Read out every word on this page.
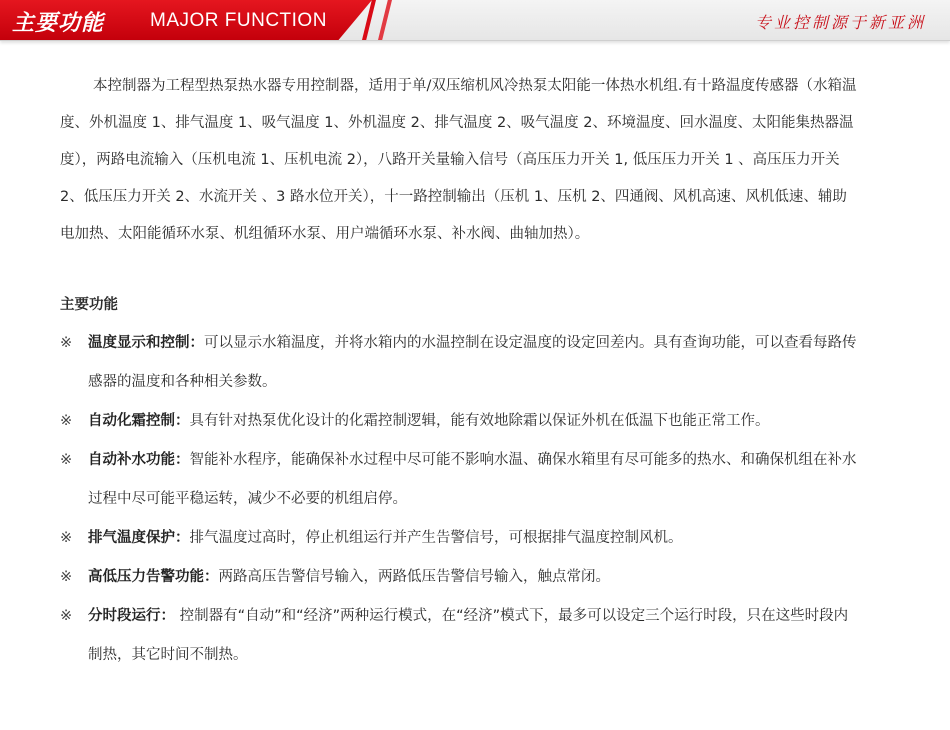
主要功能 MAJOR FUNCTION	专业控制源于新亚洲

本控制器为工程型热泵热水器专用控制器，适用于单/双压缩机风冷热泵太阳能一体热水机组.有十路温度传感器（水箱温度、外机温度 1、排气温度 1、吸气温度 1、外机温度 2、排气温度 2、吸气温度 2、环境温度、回水温度、太阳能集热器温度），两路电流输入（压机电流 1、压机电流 2），八路开关量输入信号（高压压力开关 1, 低压压力开关 1 、高压压力开关 2、低压压力开关 2、水流开关 、3 路水位开关），十一路控制输出（压机 1、压机 2、四通阀、风机高速、风机低速、辅助电加热、太阳能循环水泵、机组循环水泵、用户端循环水泵、补水阀、曲轴加热）。

主要功能

※ 温度显示和控制：可以显示水箱温度，并将水箱内的水温控制在设定温度的设定回差内。具有查询功能，可以查看每路传感器的温度和各种相关参数。

※ 自动化霜控制：具有针对热泵优化设计的化霜控制逻辑，能有效地除霜以保证外机在低温下也能正常工作。

※ 自动补水功能：智能补水程序，能确保补水过程中尽可能不影响水温、确保水箱里有尽可能多的热水、和确保机组在补水过程中尽可能平稳运转，减少不必要的机组启停。

※ 排气温度保护：排气温度过高时，停止机组运行并产生告警信号，可根据排气温度控制风机。

※ 高低压力告警功能：两路高压告警信号输入，两路低压告警信号输入，触点常闭。

※ 分时段运行： 控制器有“自动”和“经济”两种运行模式，在“经济”模式下，最多可以设定三个运行时段，只在这些时段内制热，其它时间不制热。
